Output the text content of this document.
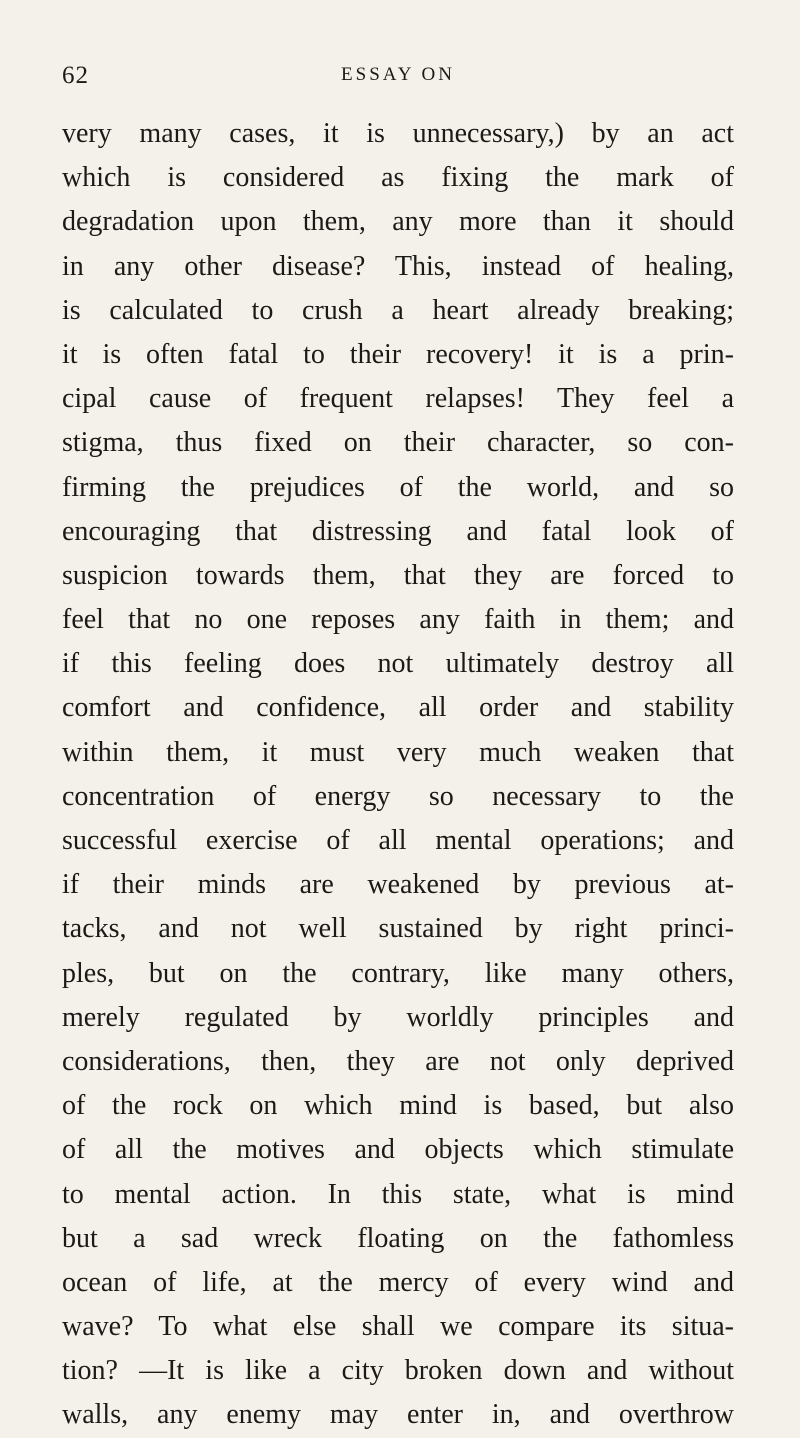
62	ESSAY ON
very many cases, it is unnecessary,) by an act
which is considered as fixing the mark of
degradation upon them, any more than it should
in any other disease? This, instead of healing,
is calculated to crush a heart already breaking;
it is often fatal to their recovery! it is a prin-
cipal cause of frequent relapses! They feel a
stigma, thus fixed on their character, so con-
firming the prejudices of the world, and so
encouraging that distressing and fatal look of
suspicion towards them, that they are forced to
feel that no one reposes any faith in them; and
if this feeling does not ultimately destroy all
comfort and confidence, all order and stability
within them, it must very much weaken that
concentration of energy so necessary to the
successful exercise of all mental operations; and
if their minds are weakened by previous at-
tacks, and not well sustained by right princi-
ples, but on the contrary, like many others,
merely regulated by worldly principles and
considerations, then, they are not only deprived
of the rock on which mind is based, but also
of all the motives and objects which stimulate
to mental action. In this state, what is mind
but a sad wreck floating on the fathomless
ocean of life, at the mercy of every wind and
wave? To what else shall we compare its situa-
tion? —It is like a city broken down and without
walls, any enemy may enter in, and overthrow
